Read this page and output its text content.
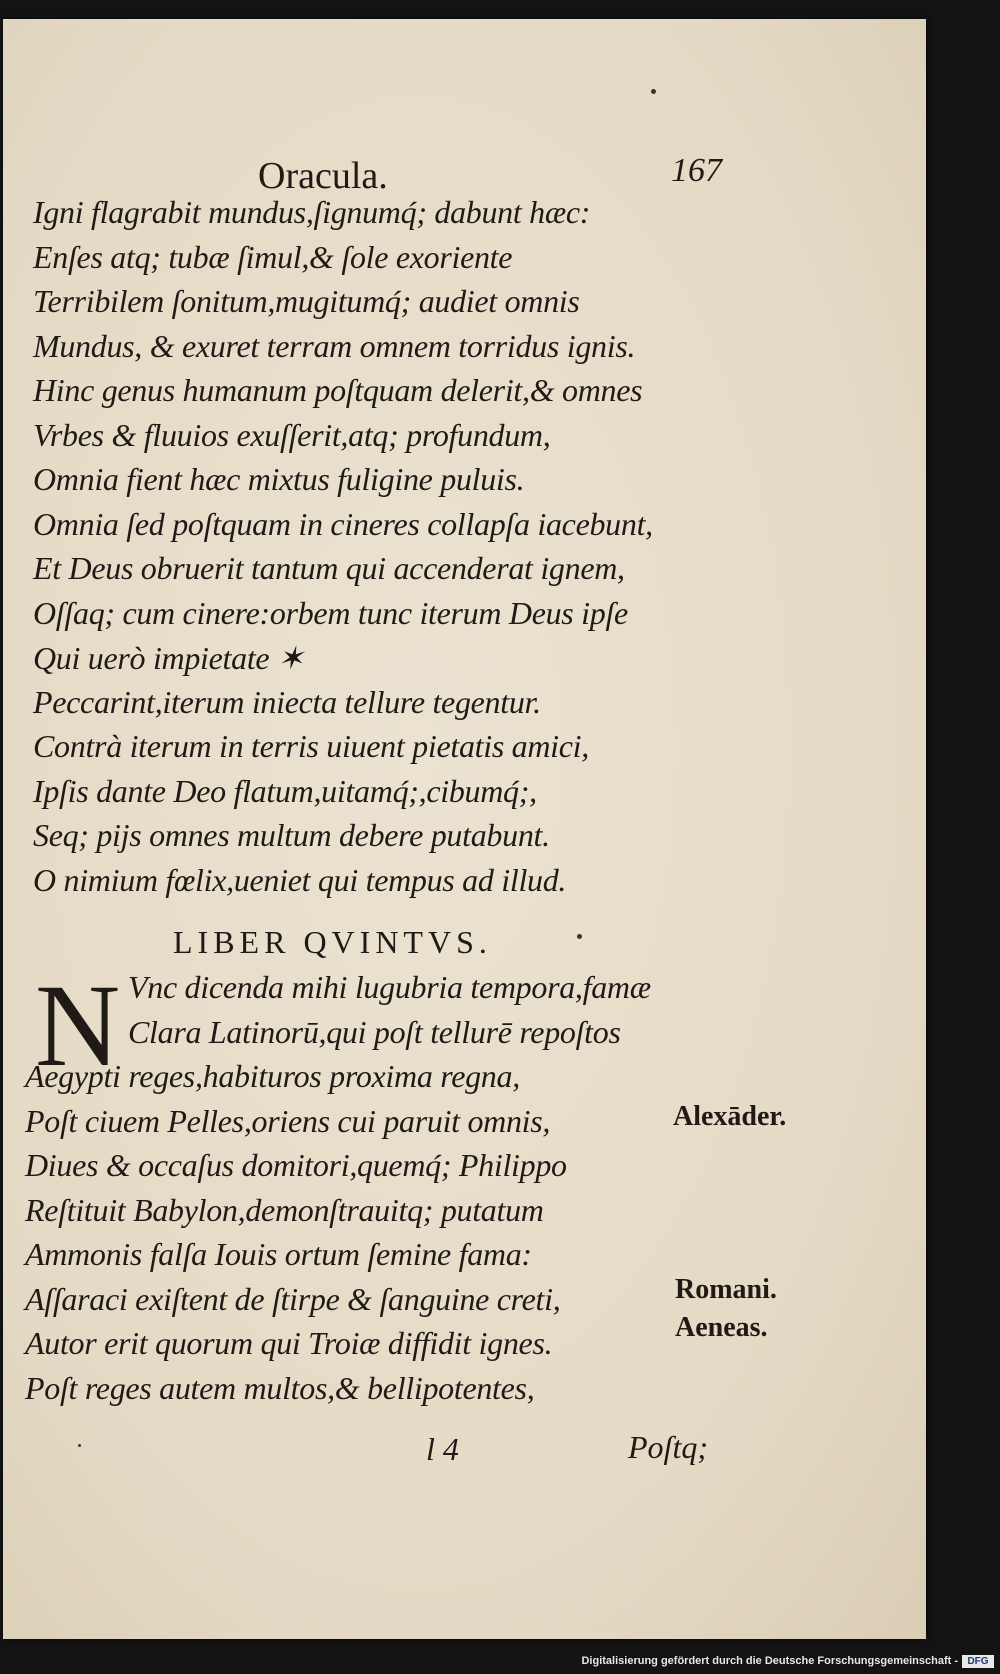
Oracula.	167

Igni flagrabit mundus,ſignumq́; dabunt hæc:

Enſes atq; tubæ ſimul,& ſole exoriente

Terribilem ſonitum,mugitumq́; audiet omnis

Mundus, & exuret terram omnem torridus ignis.

Hinc genus humanum poſtquam delerit,& omnes

Vrbes & fluuios exuſſerit,atq; profundum,

Omnia fient hæc mixtus fuligine puluis.

Omnia ſed poſtquam in cineres collapſa iacebunt,

Et Deus obruerit tantum qui accenderat ignem,

Oſſaq; cum cinere:orbem tunc iterum Deus ipſe

Qui uerò impietate ✶

Peccarint,iterum iniecta tellure tegentur.

Contrà iterum in terris uiuent pietatis amici,

Ipſis dante Deo flatum,uitamq́;,cibumq́;,

Seq; pijs omnes multum debere putabunt.

O nimium fœlix,ueniet qui tempus ad illud.

LIBER QVINTVS.
N Vnc dicenda mihi lugubria tempora,famæ

Clara Latinorū,qui poſt tellurē repoſtos

Aegypti reges,habituros proxima regna,

Poſt ciuem Pelles,oriens cui paruit omnis,

Diues & occaſus domitori,quemq́; Philippo

Reſtituit Babylon,demonſtrauitq; putatum

Ammonis falſa Iouis ortum ſemine fama:

Aſſaraci exiſtent de ſtirpe & ſanguine creti,

Autor erit quorum qui Troiæ diffidit ignes.

Poſt reges autem multos,& bellipotentes,

Alexāder.
Romani.
Aeneas.
l 4	Poſtq;
Digitalisierung gefördert durch die Deutsche Forschungsgemeinschaft - DFG
